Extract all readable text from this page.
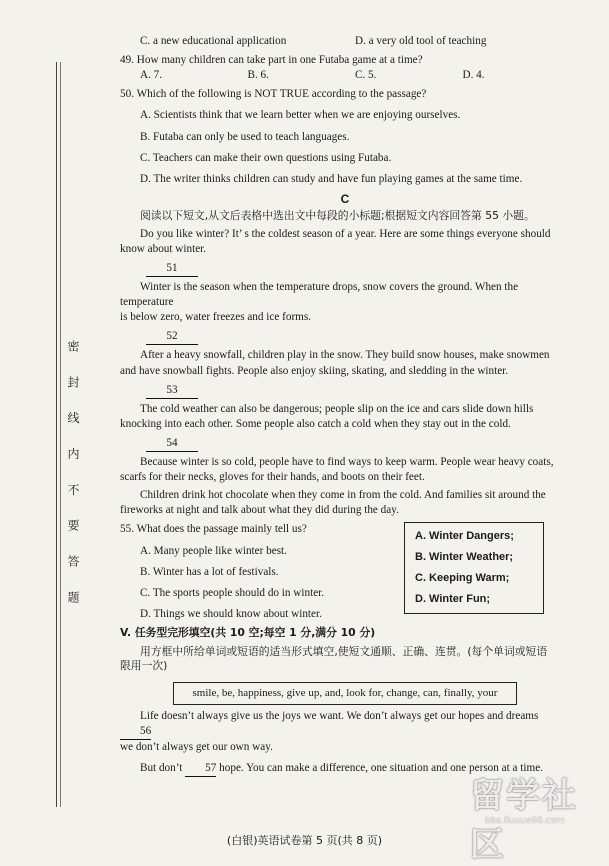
密 封 线 内 不 要 答 题
C. a new educational application	D. a very old tool of teaching

49. How many children can take part in one Futaba game at a time?

A. 7.	B. 6.	C. 5.	D. 4.

50. Which of the following is NOT TRUE according to the passage?

A. Scientists think that we learn better when we are enjoying ourselves.

B. Futaba can only be used to teach languages.

C. Teachers can make their own questions using Futaba.

D. The writer thinks children can study and have fun playing games at the same time.

C

阅读以下短文,从文后表格中选出文中每段的小标题;根据短文内容回答第 55 小题。

Do you like winter? It’ s the coldest season of a year. Here are some things everyone should

know about winter.

51

Winter is the season when the temperature drops, snow covers the ground. When the temperature

is below zero, water freezes and ice forms.

52

After a heavy snowfall, children play in the snow. They build snow houses, make snowmen

and have snowball fights. People also enjoy skiing, skating, and sledding in the winter.

53

The cold weather can also be dangerous; people slip on the ice and cars slide down hills

knocking into each other. Some people also catch a cold when they stay out in the cold.

54

Because winter is so cold, people have to find ways to keep warm. People wear heavy coats,

scarfs for their necks, gloves for their hands, and boots on their feet.

Children drink hot chocolate when they come in from the cold. And families sit around the

fireworks at night and talk about what they did during the day.

A. Winter Dangers;
B. Winter Weather;
C. Keeping Warm;
D. Winter Fun;

55. What does the passage mainly tell us?

A. Many people like winter best.

B. Winter has a lot of festivals.

C. The sports people should do in winter.

D. Things we should know about winter.

V. 任务型完形填空(共 10 空;每空 1 分,满分 10 分)

用方框中所给单词或短语的适当形式填空,使短文通顺、正确、连贯。(每个单词或短语

限用一次)

smile, be, happiness, give up, and, look for, change, can, finally, your

Life doesn’t always give us the joys we want. We don’t always get our hopes and dreams 56

we don’t always get our own way.

But don’t 57 hope. You can make a difference, one situation and one person at a time.

留学社区
bbs.liuxue86.com
(白银)英语试卷第 5 页(共 8 页)
